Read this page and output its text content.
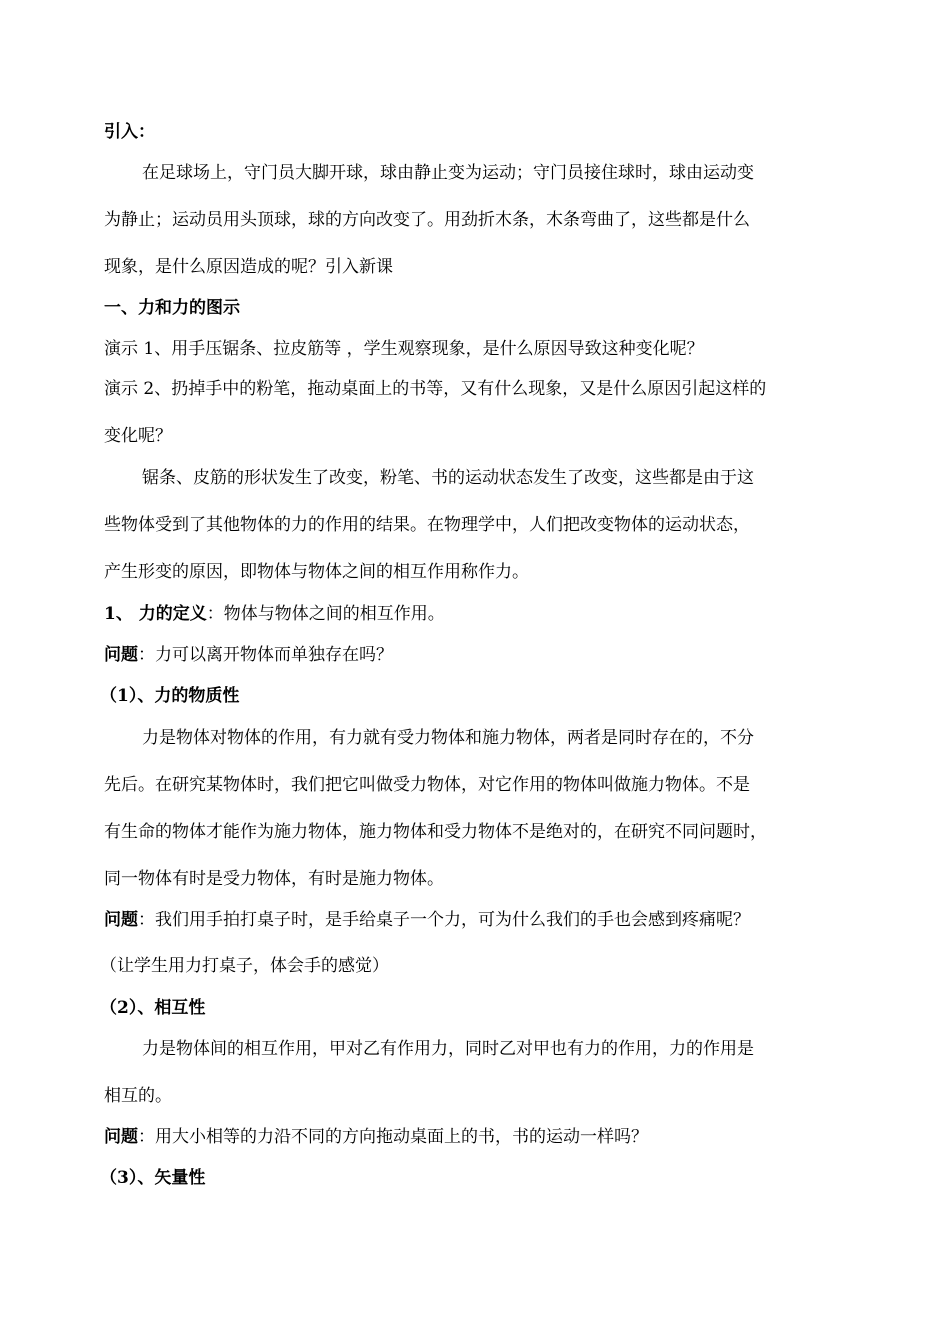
引入：

在足球场上，守门员大脚开球，球由静止变为运动；守门员接住球时，球由运动变

为静止；运动员用头顶球，球的方向改变了。用劲折木条，木条弯曲了，这些都是什么

现象，是什么原因造成的呢？引入新课

一、力和力的图示

演示 1、用手压锯条、拉皮筋等 ，学生观察现象，是什么原因导致这种变化呢？

演示 2、扔掉手中的粉笔，拖动桌面上的书等，又有什么现象，又是什么原因引起这样的

变化呢？

锯条、皮筋的形状发生了改变，粉笔、书的运动状态发生了改变，这些都是由于这

些物体受到了其他物体的力的作用的结果。在物理学中，人们把改变物体的运动状态，

产生形变的原因，即物体与物体之间的相互作用称作力。

1、 力的定义：物体与物体之间的相互作用。

问题：力可以离开物体而单独存在吗？

（1）、力的物质性

力是物体对物体的作用，有力就有受力物体和施力物体，两者是同时存在的，不分

先后。在研究某物体时，我们把它叫做受力物体，对它作用的物体叫做施力物体。不是

有生命的物体才能作为施力物体，施力物体和受力物体不是绝对的，在研究不同问题时，

同一物体有时是受力物体，有时是施力物体。

问题：我们用手拍打桌子时，是手给桌子一个力，可为什么我们的手也会感到疼痛呢？

（让学生用力打桌子，体会手的感觉）

（2）、相互性

力是物体间的相互作用，甲对乙有作用力，同时乙对甲也有力的作用，力的作用是

相互的。

问题：用大小相等的力沿不同的方向拖动桌面上的书，书的运动一样吗？

（3）、矢量性
